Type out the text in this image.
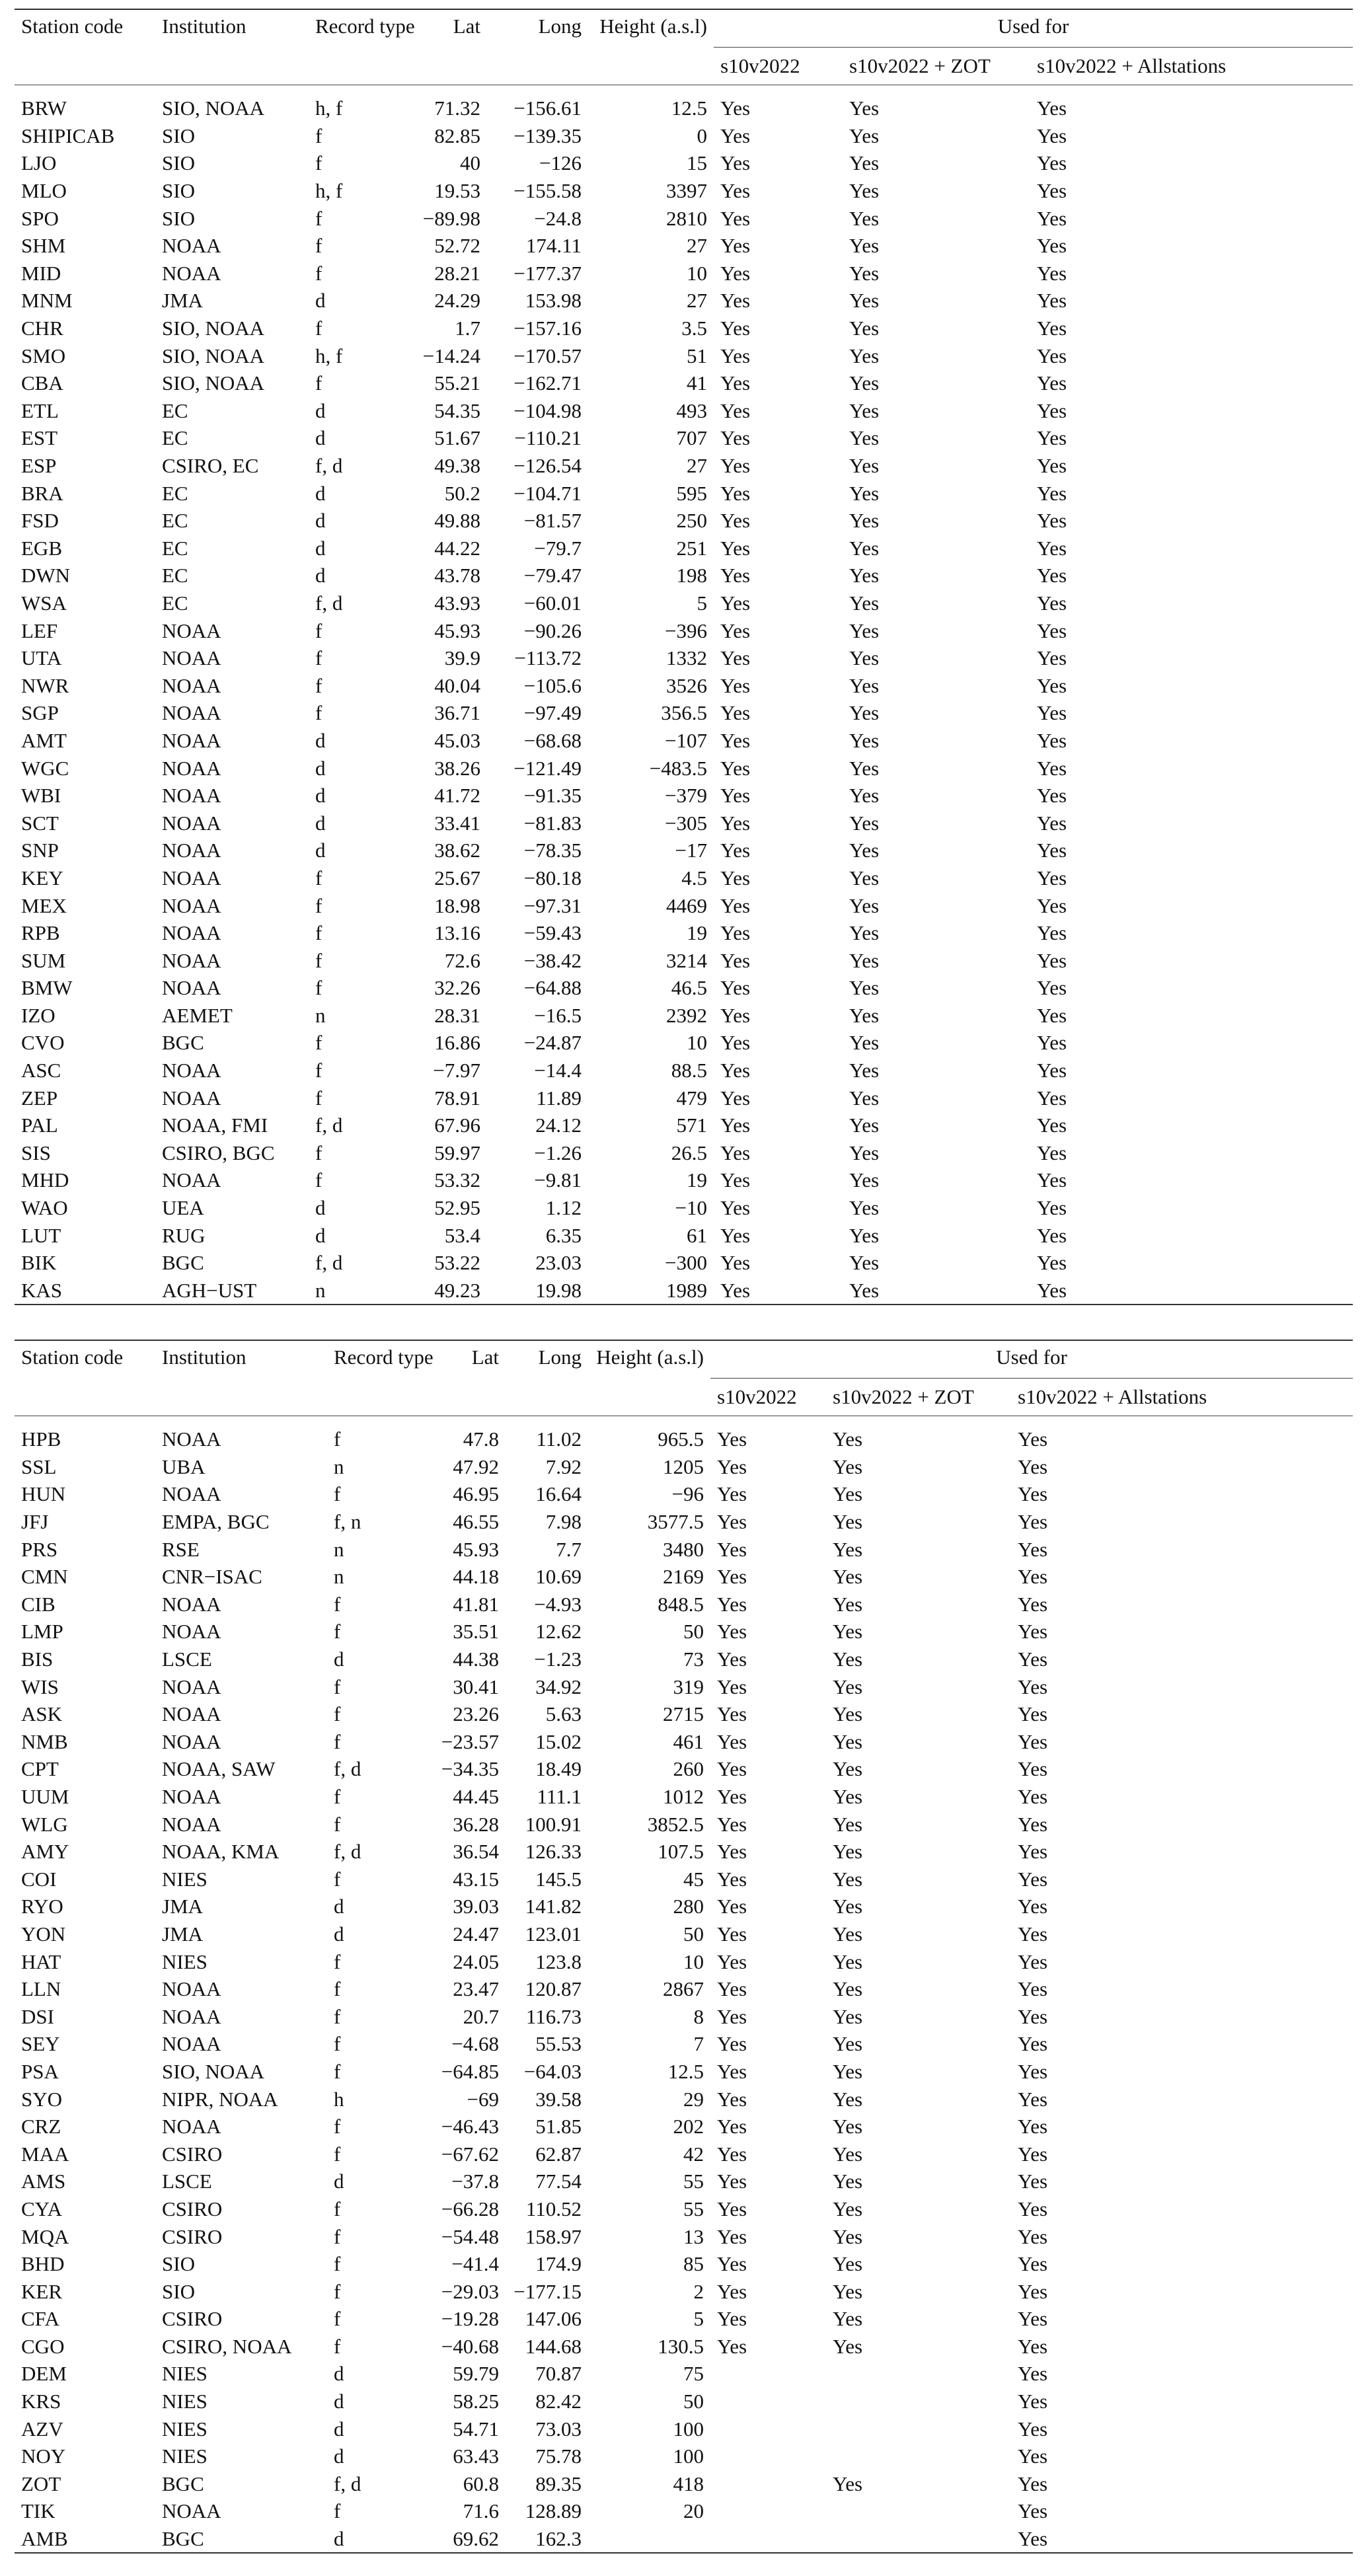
Station code	Institution	Record type	Lat	Long	Height (a.s.l)	Used for		
						s10v2022	s10v2022 + ZOT	s10v2022 + Allstations

BRW	SIO, NOAA	h, f	71.32	−156.61	12.5	Yes	Yes	Yes
SHIPICAB	SIO	f	82.85	−139.35	0	Yes	Yes	Yes
LJO	SIO	f	40	−126	15	Yes	Yes	Yes
MLO	SIO	h, f	19.53	−155.58	3397	Yes	Yes	Yes
SPO	SIO	f	−89.98	−24.8	2810	Yes	Yes	Yes
SHM	NOAA	f	52.72	174.11	27	Yes	Yes	Yes
MID	NOAA	f	28.21	−177.37	10	Yes	Yes	Yes
MNM	JMA	d	24.29	153.98	27	Yes	Yes	Yes
CHR	SIO, NOAA	f	1.7	−157.16	3.5	Yes	Yes	Yes
SMO	SIO, NOAA	h, f	−14.24	−170.57	51	Yes	Yes	Yes
CBA	SIO, NOAA	f	55.21	−162.71	41	Yes	Yes	Yes
ETL	EC	d	54.35	−104.98	493	Yes	Yes	Yes
EST	EC	d	51.67	−110.21	707	Yes	Yes	Yes
ESP	CSIRO, EC	f, d	49.38	−126.54	27	Yes	Yes	Yes
BRA	EC	d	50.2	−104.71	595	Yes	Yes	Yes
FSD	EC	d	49.88	−81.57	250	Yes	Yes	Yes
EGB	EC	d	44.22	−79.7	251	Yes	Yes	Yes
DWN	EC	d	43.78	−79.47	198	Yes	Yes	Yes
WSA	EC	f, d	43.93	−60.01	5	Yes	Yes	Yes
LEF	NOAA	f	45.93	−90.26	−396	Yes	Yes	Yes
UTA	NOAA	f	39.9	−113.72	1332	Yes	Yes	Yes
NWR	NOAA	f	40.04	−105.6	3526	Yes	Yes	Yes
SGP	NOAA	f	36.71	−97.49	356.5	Yes	Yes	Yes
AMT	NOAA	d	45.03	−68.68	−107	Yes	Yes	Yes
WGC	NOAA	d	38.26	−121.49	−483.5	Yes	Yes	Yes
WBI	NOAA	d	41.72	−91.35	−379	Yes	Yes	Yes
SCT	NOAA	d	33.41	−81.83	−305	Yes	Yes	Yes
SNP	NOAA	d	38.62	−78.35	−17	Yes	Yes	Yes
KEY	NOAA	f	25.67	−80.18	4.5	Yes	Yes	Yes
MEX	NOAA	f	18.98	−97.31	4469	Yes	Yes	Yes
RPB	NOAA	f	13.16	−59.43	19	Yes	Yes	Yes
SUM	NOAA	f	72.6	−38.42	3214	Yes	Yes	Yes
BMW	NOAA	f	32.26	−64.88	46.5	Yes	Yes	Yes
IZO	AEMET	n	28.31	−16.5	2392	Yes	Yes	Yes
CVO	BGC	f	16.86	−24.87	10	Yes	Yes	Yes
ASC	NOAA	f	−7.97	−14.4	88.5	Yes	Yes	Yes
ZEP	NOAA	f	78.91	11.89	479	Yes	Yes	Yes
PAL	NOAA, FMI	f, d	67.96	24.12	571	Yes	Yes	Yes
SIS	CSIRO, BGC	f	59.97	−1.26	26.5	Yes	Yes	Yes
MHD	NOAA	f	53.32	−9.81	19	Yes	Yes	Yes
WAO	UEA	d	52.95	1.12	−10	Yes	Yes	Yes
LUT	RUG	d	53.4	6.35	61	Yes	Yes	Yes
BIK	BGC	f, d	53.22	23.03	−300	Yes	Yes	Yes
KAS	AGH−UST	n	49.23	19.98	1989	Yes	Yes	Yes

Station code	Institution	Record type	Lat	Long	Height (a.s.l)	Used for		
						s10v2022	s10v2022 + ZOT	s10v2022 + Allstations

HPB	NOAA	f	47.8	11.02	965.5	Yes	Yes	Yes
SSL	UBA	n	47.92	7.92	1205	Yes	Yes	Yes
HUN	NOAA	f	46.95	16.64	−96	Yes	Yes	Yes
JFJ	EMPA, BGC	f, n	46.55	7.98	3577.5	Yes	Yes	Yes
PRS	RSE	n	45.93	7.7	3480	Yes	Yes	Yes
CMN	CNR−ISAC	n	44.18	10.69	2169	Yes	Yes	Yes
CIB	NOAA	f	41.81	−4.93	848.5	Yes	Yes	Yes
LMP	NOAA	f	35.51	12.62	50	Yes	Yes	Yes
BIS	LSCE	d	44.38	−1.23	73	Yes	Yes	Yes
WIS	NOAA	f	30.41	34.92	319	Yes	Yes	Yes
ASK	NOAA	f	23.26	5.63	2715	Yes	Yes	Yes
NMB	NOAA	f	−23.57	15.02	461	Yes	Yes	Yes
CPT	NOAA, SAW	f, d	−34.35	18.49	260	Yes	Yes	Yes
UUM	NOAA	f	44.45	111.1	1012	Yes	Yes	Yes
WLG	NOAA	f	36.28	100.91	3852.5	Yes	Yes	Yes
AMY	NOAA, KMA	f, d	36.54	126.33	107.5	Yes	Yes	Yes
COI	NIES	f	43.15	145.5	45	Yes	Yes	Yes
RYO	JMA	d	39.03	141.82	280	Yes	Yes	Yes
YON	JMA	d	24.47	123.01	50	Yes	Yes	Yes
HAT	NIES	f	24.05	123.8	10	Yes	Yes	Yes
LLN	NOAA	f	23.47	120.87	2867	Yes	Yes	Yes
DSI	NOAA	f	20.7	116.73	8	Yes	Yes	Yes
SEY	NOAA	f	−4.68	55.53	7	Yes	Yes	Yes
PSA	SIO, NOAA	f	−64.85	−64.03	12.5	Yes	Yes	Yes
SYO	NIPR, NOAA	h	−69	39.58	29	Yes	Yes	Yes
CRZ	NOAA	f	−46.43	51.85	202	Yes	Yes	Yes
MAA	CSIRO	f	−67.62	62.87	42	Yes	Yes	Yes
AMS	LSCE	d	−37.8	77.54	55	Yes	Yes	Yes
CYA	CSIRO	f	−66.28	110.52	55	Yes	Yes	Yes
MQA	CSIRO	f	−54.48	158.97	13	Yes	Yes	Yes
BHD	SIO	f	−41.4	174.9	85	Yes	Yes	Yes
KER	SIO	f	−29.03	−177.15	2	Yes	Yes	Yes
CFA	CSIRO	f	−19.28	147.06	5	Yes	Yes	Yes
CGO	CSIRO, NOAA	f	−40.68	144.68	130.5	Yes	Yes	Yes
DEM	NIES	d	59.79	70.87	75			Yes
KRS	NIES	d	58.25	82.42	50			Yes
AZV	NIES	d	54.71	73.03	100			Yes
NOY	NIES	d	63.43	75.78	100			Yes
ZOT	BGC	f, d	60.8	89.35	418		Yes	Yes
TIK	NOAA	f	71.6	128.89	20			Yes
AMB	BGC	d	69.62	162.3				Yes
